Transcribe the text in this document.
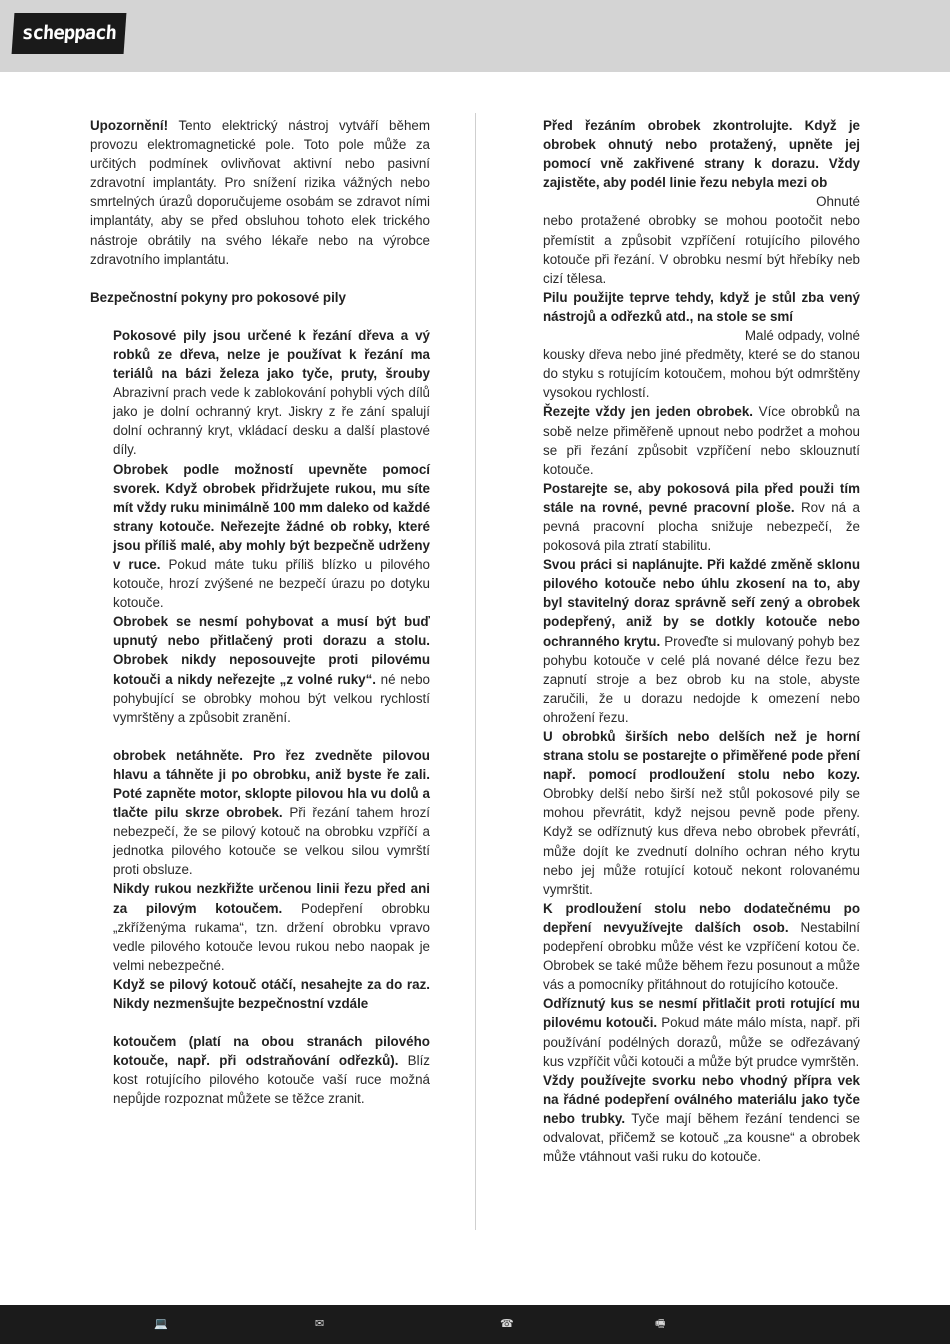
scheppach

Upozornění! Tento elektrický nástroj vytváří během provozu elektromagnetické pole. Toto pole může za určitých podmínek ovlivňovat aktivní nebo pasivní zdravotní implantáty. Pro snížení rizika vážných nebo smrtelných úrazů doporučujeme osobám se zdravot ními implantáty, aby se před obsluhou tohoto elek trického nástroje obrátily na svého lékaře nebo na výrobce zdravotního implantátu.

Bezpečnostní pokyny pro pokosové pily

Pokosové pily jsou určené k řezání dřeva a vý robků ze dřeva, nelze je používat k řezání ma teriálů na bázi železa jako tyče, pruty, šrouby Abrazivní prach vede k zablokování pohybli vých dílů jako je dolní ochranný kryt. Jiskry z ře zání spalují dolní ochranný kryt, vkládací desku a další plastové díly.

Obrobek podle možností upevněte pomocí svorek. Když obrobek přidržujete rukou, mu síte mít vždy ruku minimálně 100 mm daleko od každé strany kotouče. Neřezejte žádné ob robky, které jsou příliš malé, aby mohly být bezpečně udrženy v ruce. Pokud máte tuku příliš blízko u pilového kotouče, hrozí zvýšené ne bezpečí úrazu po dotyku kotouče.

Obrobek se nesmí pohybovat a musí být buď upnutý nebo přitlačený proti dorazu a stolu. Obrobek nikdy neposouvejte proti pilovému kotouči a nikdy neřezejte „z volné ruky“. né nebo pohybující se obrobky mohou být velkou rychlostí vymrštěny a způsobit zranění.

obrobek netáhněte. Pro řez zvedněte pilovou hlavu a táhněte ji po obrobku, aniž byste ře zali. Poté zapněte motor, sklopte pilovou hla vu dolů a tlačte pilu skrze obrobek. Při řezání tahem hrozí nebezpečí, že se pilový kotouč na obrobku vzpříčí a jednotka pilového kotouče se velkou silou vymrští proti obsluze.

Nikdy rukou nezkřižte určenou linii řezu před ani za pilovým kotoučem. Podepření obrobku „zkříženýma rukama“, tzn. držení obrobku vpravo vedle pilového kotouče levou rukou nebo naopak je velmi nebezpečné.

Když se pilový kotouč otáčí, nesahejte za do raz. Nikdy nezmenšujte bezpečnostní vzdále

kotoučem (platí na obou stranách pilového kotouče, např. při odstraňování odřezků). Blíz kost rotujícího pilového kotouče vaší ruce možná nepůjde rozpoznat můžete se těžce zranit.

Před řezáním obrobek zkontrolujte. Když je obrobek ohnutý nebo protažený, upněte jej pomocí vně zakřivené strany k dorazu. Vždy zajistěte, aby podél linie řezu nebyla mezi ob

Ohnuté

nebo protažené obrobky se mohou pootočit nebo přemístit a způsobit vzpříčení rotujícího pilového kotouče při řezání. V obrobku nesmí být hřebíky neb cizí tělesa.

Pilu použijte teprve tehdy, když je stůl zba vený nástrojů a odřezků atd., na stole se smí

Malé odpady, volné

kousky dřeva nebo jiné předměty, které se do stanou do styku s rotujícím kotoučem, mohou být odmrštěny vysokou rychlostí.

Řezejte vždy jen jeden obrobek. Více obrobků na sobě nelze přiměřeně upnout nebo podržet a mohou se při řezání způsobit vzpříčení nebo sklouznutí kotouče.

Postarejte se, aby pokosová pila před použi tím stále na rovné, pevné pracovní ploše. Rov ná a pevná pracovní plocha snižuje nebezpečí, že pokosová pila ztratí stabilitu.

Svou práci si naplánujte. Při každé změně sklonu pilového kotouče nebo úhlu zkosení na to, aby byl stavitelný doraz správně seří zený a obrobek podepřený, aniž by se dotkly kotouče nebo ochranného krytu. Proveďte si mulovaný pohyb bez pohybu kotouče v celé plá nované délce řezu bez zapnutí stroje a bez obrob ku na stole, abyste zaručili, že u dorazu nedojde k omezení nebo ohrožení řezu.

U obrobků širších nebo delších než je horní strana stolu se postarejte o přiměřené pode pření např. pomocí prodloužení stolu nebo kozy. Obrobky delší nebo širší než stůl pokosové pily se mohou převrátit, když nejsou pevně pode přeny. Když se odříznutý kus dřeva nebo obrobek převrátí, může dojít ke zvednutí dolního ochran ného krytu nebo jej může rotující kotouč nekont rolovanému vymrštit.

K prodloužení stolu nebo dodatečnému po depření nevyužívejte dalších osob. Nestabilní podepření obrobku může vést ke vzpříčení kotou če. Obrobek se také může během řezu posunout a může vás a pomocníky přitáhnout do rotujícího kotouče.

Odříznutý kus se nesmí přitlačit proti rotující mu pilovému kotouči. Pokud máte málo místa, např. při používání podélných dorazů, může se odřezávaný kus vzpříčit vůči kotouči a může být prudce vymrštěn.

Vždy používejte svorku nebo vhodný přípra vek na řádné podepření oválného materiálu jako tyče nebo trubky. Tyče mají během řezání tendenci se odvalovat, přičemž se kotouč „za kousne“ a obrobek může vtáhnout vaši ruku do kotouče.

💻	✉	☎	🖷
